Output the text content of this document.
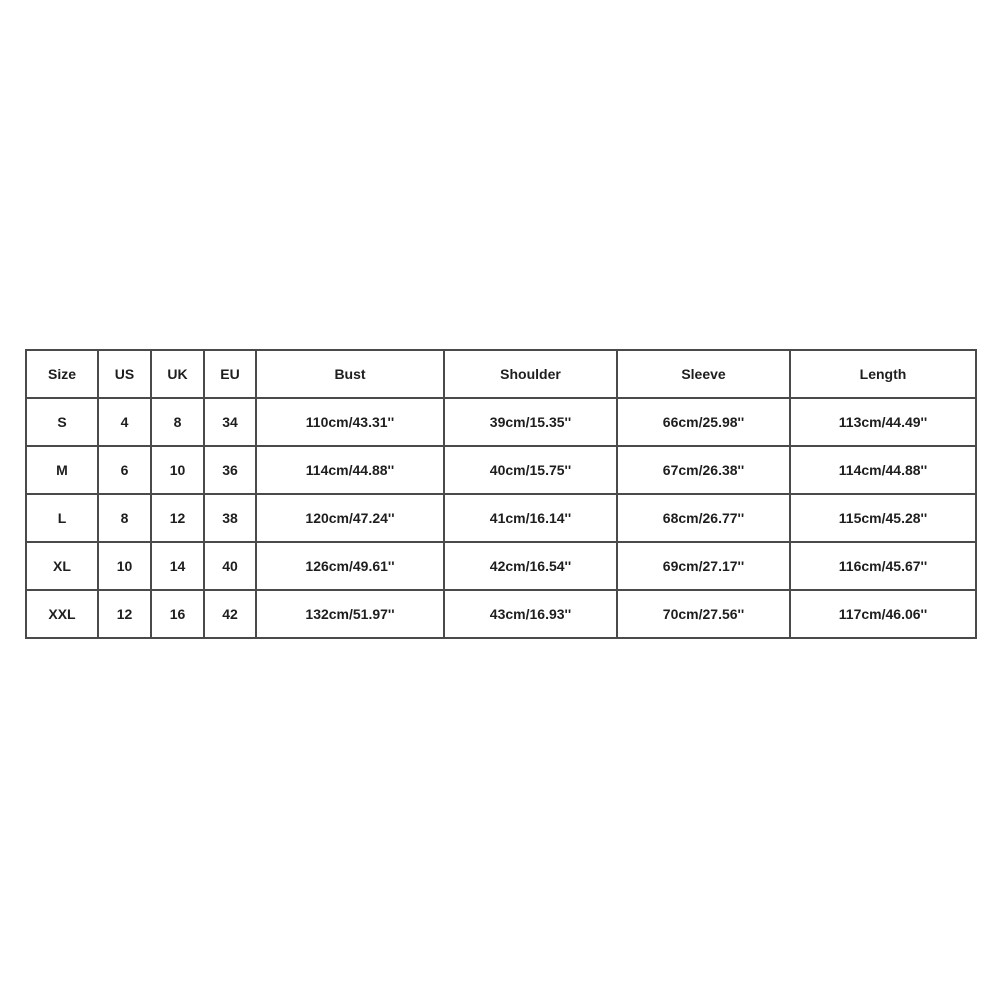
Size	US	UK	EU	Bust	Shoulder	Sleeve	Length
S	4	8	34	110cm/43.31''	39cm/15.35''	66cm/25.98''	113cm/44.49''
M	6	10	36	114cm/44.88''	40cm/15.75''	67cm/26.38''	114cm/44.88''
L	8	12	38	120cm/47.24''	41cm/16.14''	68cm/26.77''	115cm/45.28''
XL	10	14	40	126cm/49.61''	42cm/16.54''	69cm/27.17''	116cm/45.67''
XXL	12	16	42	132cm/51.97''	43cm/16.93''	70cm/27.56''	117cm/46.06''
